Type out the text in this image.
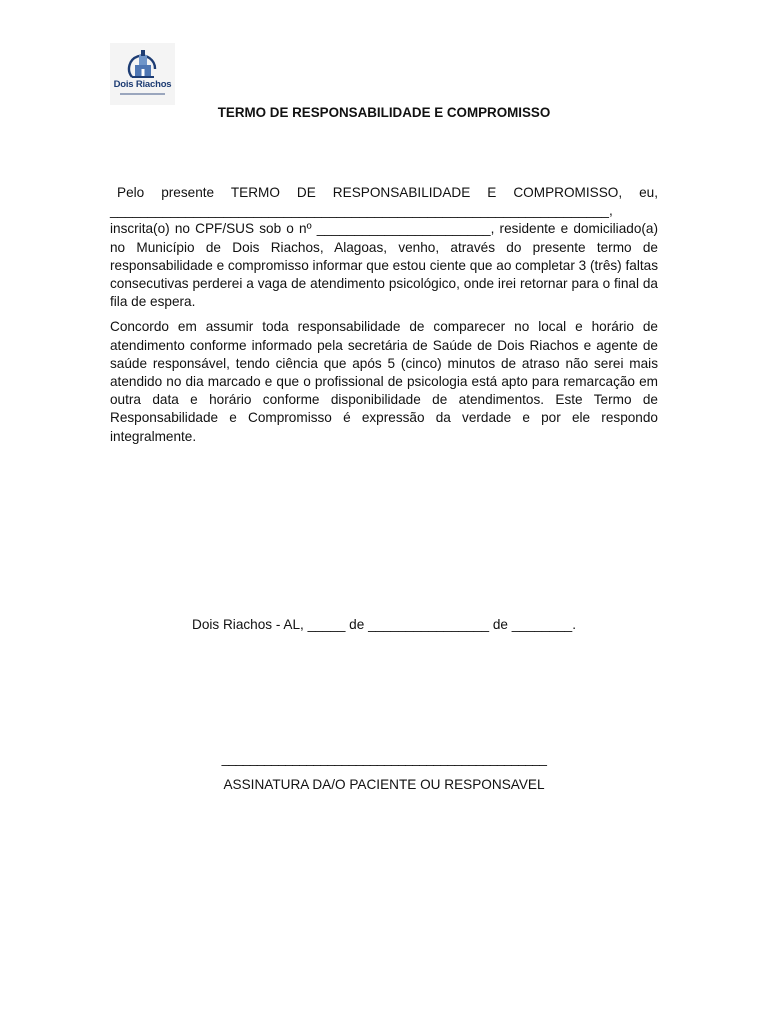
Dois Riachos
TERMO DE RESPONSABILIDADE E COMPROMISSO

Pelo presente TERMO DE RESPONSABILIDADE E COMPROMISSO, eu,
__________________________________________________________________, inscrita(o) no CPF/SUS sob o nº _______________________, residente e domiciliado(a) no Município de Dois Riachos, Alagoas, venho, através do presente termo de responsabilidade e compromisso informar que estou ciente que ao completar 3 (três) faltas consecutivas perderei a vaga de atendimento psicológico, onde irei retornar para o final da fila de espera.

Concordo em assumir toda responsabilidade de comparecer no local e horário de atendimento conforme informado pela secretária de Saúde de Dois Riachos e agente de saúde responsável, tendo ciência que após 5 (cinco) minutos de atraso não serei mais atendido no dia marcado e que o profissional de psicologia está apto para remarcação em outra data e horário conforme disponibilidade de atendimentos. Este Termo de Responsabilidade e Compromisso é expressão da verdade e por ele respondo integralmente.

Dois Riachos - AL, _____ de ________________ de ________.
______________________________________________
ASSINATURA DA/O PACIENTE OU RESPONSAVEL
